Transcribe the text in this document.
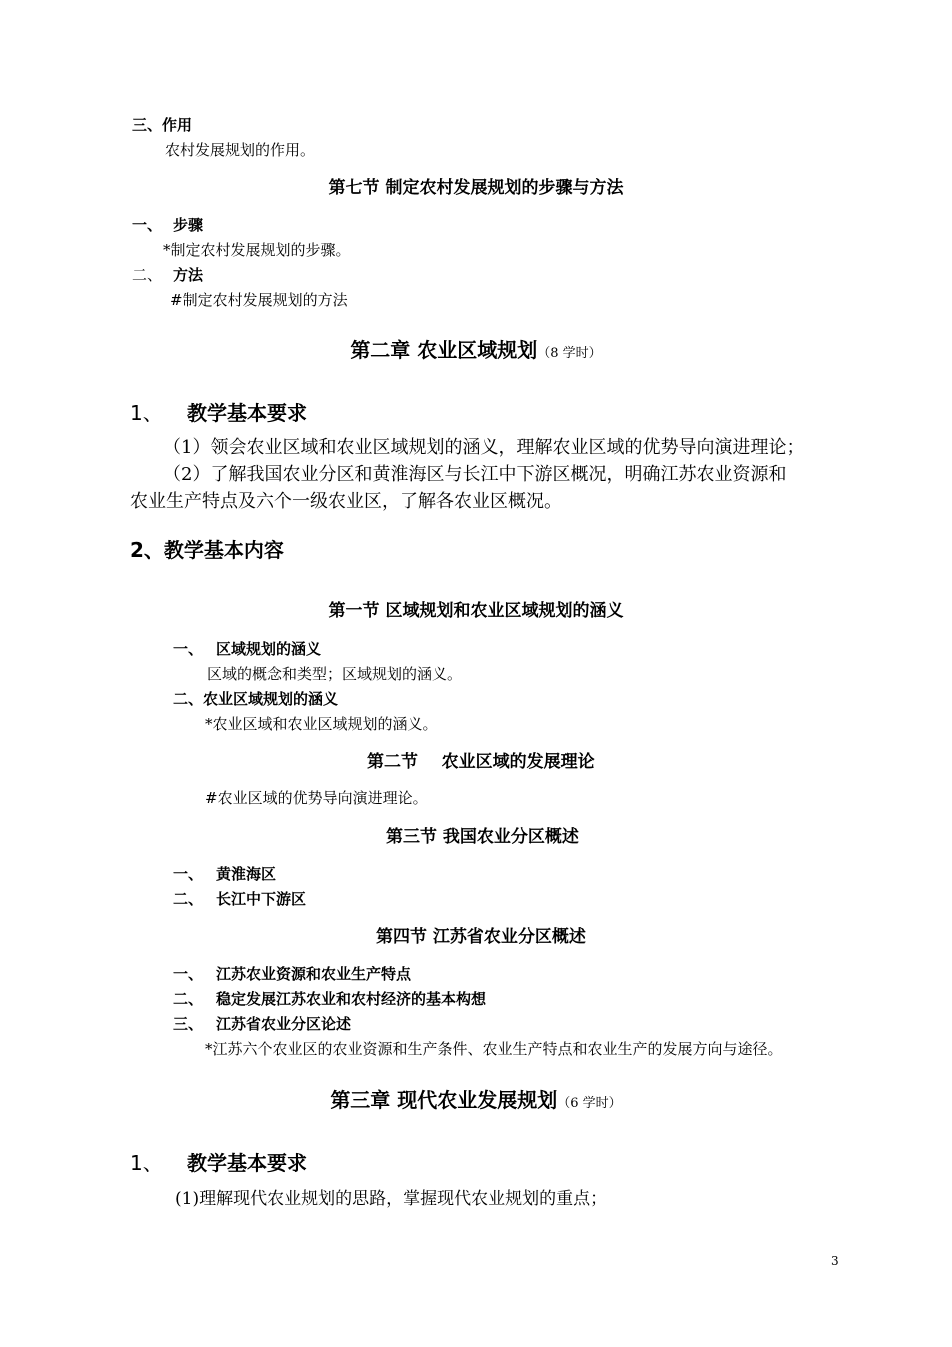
三、作用
农村发展规划的作用。
第七节 制定农村发展规划的步骤与方法
一、 步骤
*制定农村发展规划的步骤。
二、 方法
#制定农村发展规划的方法
第二章 农业区域规划（8 学时）
1、 教学基本要求
（1）领会农业区域和农业区域规划的涵义，理解农业区域的优势导向演进理论；
（2）了解我国农业分区和黄淮海区与长江中下游区概况，明确江苏农业资源和
农业生产特点及六个一级农业区，了解各农业区概况。
2、教学基本内容
第一节 区域规划和农业区域规划的涵义
一、 区域规划的涵义
区域的概念和类型；区域规划的涵义。
二、农业区域规划的涵义
*农业区域和农业区域规划的涵义。
第二节    农业区域的发展理论
#农业区域的优势导向演进理论。
第三节 我国农业分区概述
一、 黄淮海区
二、 长江中下游区
第四节 江苏省农业分区概述
一、 江苏农业资源和农业生产特点
二、 稳定发展江苏农业和农村经济的基本构想
三、 江苏省农业分区论述
*江苏六个农业区的农业资源和生产条件、农业生产特点和农业生产的发展方向与途径。
第三章 现代农业发展规划（6 学时）
1、 教学基本要求
(1)理解现代农业规划的思路，掌握现代农业规划的重点；
3
